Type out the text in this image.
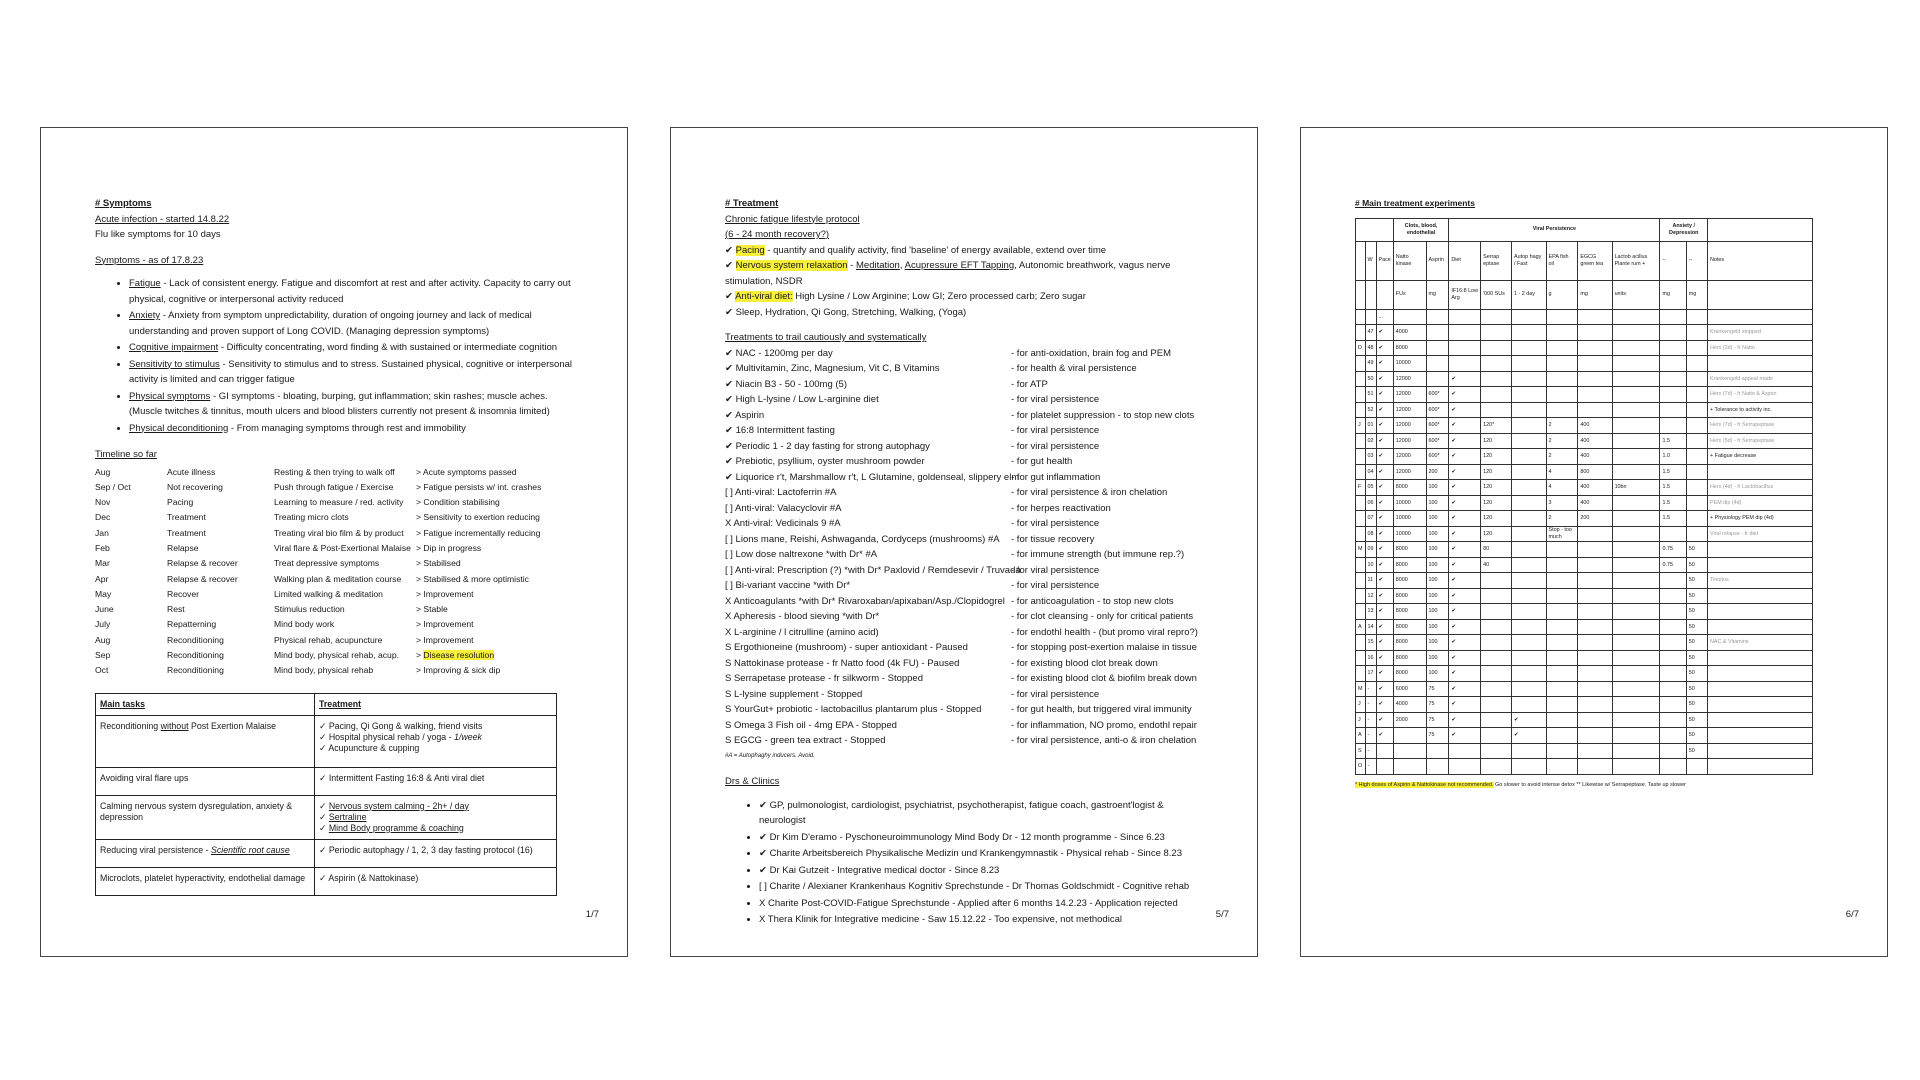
# Symptoms
Acute infection - started 14.8.22
Flu like symptoms for 10 days
Symptoms - as of 17.8.23
• Fatigue - Lack of consistent energy. Fatigue and discomfort at rest and after activity. Capacity to carry out physical, cognitive or interpersonal activity reduced
• Anxiety - Anxiety from symptom unpredictability, duration of ongoing journey and lack of medical understanding and proven support of Long COVID. (Managing depression symptoms)
• Cognitive impairment - Difficulty concentrating, word finding & with sustained or intermediate cognition
• Sensitivity to stimulus - Sensitivity to stimulus and to stress. Sustained physical, cognitive or interpersonal activity is limited and can trigger fatigue
• Physical symptoms - GI symptoms - bloating, burping, gut inflammation; skin rashes; muscle aches. (Muscle twitches & tinnitus, mouth ulcers and blood blisters currently not present & insomnia limited)
• Physical deconditioning - From managing symptoms through rest and immobility
Timeline so far
Aug	Acute illness	Resting & then trying to walk off	> Acute symptoms passed
Sep / Oct	Not recovering	Push through fatigue / Exercise	> Fatigue persists w/ int. crashes
Nov	Pacing	Learning to measure / red. activity	> Condition stabilising
Dec	Treatment	Treating micro clots	> Sensitivity to exertion reducing
Jan	Treatment	Treating viral bio film & by product	> Fatigue incrementally reducing
Feb	Relapse	Viral flare & Post-Exertional Malaise	> Dip in progress
Mar	Relapse & recover	Treat depressive symptoms	> Stabilised
Apr	Relapse & recover	Walking plan & meditation course	> Stabilised & more optimistic
May	Recover	Limited walking & meditation	> Improvement
June	Rest	Stimulus reduction	> Stable
July	Repatterning	Mind body work	> Improvement
Aug	Reconditioning	Physical rehab, acupuncture	> Improvement
Sep	Reconditioning	Mind body, physical rehab, acup.	> Disease resolution
Oct	Reconditioning	Mind body, physical rehab	> Improving & sick dip
Main tasks	Treatment
Reconditioning without Post Exertion Malaise	✓ Pacing, Qi Gong & walking, friend visits
✓ Hospital physical rehab / yoga - 1/week
✓ Acupuncture & cupping

Avoiding viral flare ups	✓ Intermittent Fasting 16:8 & Anti viral diet
Calming nervous system dysregulation, anxiety & depression	✓ Nervous system calming - 2h+ / day
✓ Sertraline
✓ Mind Body programme & coaching

Reducing viral persistence - Scientific root cause	✓ Periodic autophagy / 1, 2, 3 day fasting protocol (16)
Microclots, platelet hyperactivity, endothelial damage	✓ Aspirin (& Nattokinase)
1/7
# Treatment
Chronic fatigue lifestyle protocol
(6 - 24 month recovery?)
✔ Pacing - quantify and qualify activity, find 'baseline' of energy available, extend over time
✔ Nervous system relaxation - Meditation, Acupressure EFT Tapping, Autonomic breathwork, vagus nerve stimulation, NSDR
✔ Anti-viral diet: High Lysine / Low Arginine; Low GI; Zero processed carb; Zero sugar
✔ Sleep, Hydration, Qi Gong, Stretching, Walking, (Yoga)
Treatments to trail cautiously and systematically
✔ NAC - 1200mg per day	- for anti-oxidation, brain fog and PEM
✔ Multivitamin, Zinc, Magnesium, Vit C, B Vitamins	- for health & viral persistence
✔ Niacin B3 - 50 - 100mg (5)	- for ATP
✔ High L-lysine / Low L-arginine diet	- for viral persistence
✔ Aspirin	- for platelet suppression - to stop new clots
✔ 16:8 Intermittent fasting	- for viral persistence
✔ Periodic 1 - 2 day fasting for strong autophagy	- for viral persistence
✔ Prebiotic, psyllium, oyster mushroom powder	- for gut health
✔ Liquorice r't, Marshmallow r't, L Glutamine, goldenseal, slippery elm
- for gut inflammation
[ ] Anti-viral: Lactoferrin #A	- for viral persistence & iron chelation
[ ] Anti-viral: Valacyclovir #A	- for herpes reactivation
X Anti-viral: Vedicinals 9 #A	- for viral persistence
[ ] Lions mane, Reishi, Ashwaganda, Cordyceps (mushrooms) #A	- for tissue recovery
[ ] Low dose naltrexone *with Dr* #A	- for immune strength (but immune rep.?)
[ ] Anti-viral: Prescription (?) *with Dr* Paxlovid / Remdesevir / Truvada
- for viral persistence
[ ] Bi-variant vaccine *with Dr*	- for viral persistence
X Anticoagulants *with Dr* Rivaroxaban/apixaban/Asp./Clopidogrel - for anticoagulation - to stop new clots
X Apheresis - blood sieving *with Dr*	- for clot cleansing - only for critical patients
X L-arginine / l citrulline (amino acid)	- for endothl health - (but promo viral repro?)
S Ergothioneine (mushroom) - super antioxidant - Paused	- for stopping post-exertion malaise in tissue
S Nattokinase protease - fr Natto food (4k FU) - Paused	- for existing blood clot break down
S Serrapetase protease - fr silkworm - Stopped	- for existing blood clot & biofilm break down
S L-lysine supplement - Stopped	- for viral persistence
S YourGut+ probiotic - lactobacillus plantarum plus - Stopped	- for gut health, but triggered viral immunity
S Omega 3 Fish oil - 4mg EPA - Stopped	- for inflammation, NO promo, endothl repair
S EGCG - green tea extract - Stopped	- for viral persistence, anti-o & iron chelation
#A = Autophaghy inducers. Avoid.
Drs & Clinics
• ✔ GP, pulmonologist, cardiologist, psychiatrist, psychotherapist, fatigue coach, gastroent'logist & neurologist
• ✔ Dr Kim D'eramo - Pyschoneuroimmunology Mind Body Dr - 12 month programme - Since 6.23
• ✔ Charite Arbeitsbereich Physikalische Medizin und Krankengymnastik - Physical rehab - Since 8.23
• ✔ Dr Kai Gutzeit - Integrative medical doctor - Since 8.23
• [ ] Charite / Alexianer Krankenhaus Kognitiv Sprechstunde - Dr Thomas Goldschmidt - Cognitive rehab
• X Charite Post-COVID-Fatigue Sprechstunde - Applied after 6 months 14.2.23 - Application rejected
• X Thera Klinik for Integrative medicine - Saw 15.12.22 - Too expensive, not methodical	5/7
# Main treatment experiments
			Clots, blood, endothelial		Viral Persistence						Anxiety / Depression		
	W	Pace	Natto kinase	Asprin	Diet	Serrap eptase	Autop hagy / Fast	EPA fish oil	EGCG green tea	Lactob acillus Plante rum +	--	--	Notes
			FUs	mg	IF16:8 Low Arg	'000 SUs	1 - 2 day	g	mg	units	mg	mg	
		...											
	47	✔	4000										Krankengeld stopped
D	48	✔	8000										Herx (2d) - fr Natto
	49	✔	10000										
	50	✔	12000		✔								Krankengeld appeal made
	51	✔	12000	600*	✔								Herx (7d) - fr Natto & Asprin
	52	✔	12000	600*	✔								+ Tolerance to activity inc.
J	01	✔	12000	600*	✔	120*		2	400				Herx (7d) - fr Serrapeptase
	02	✔	12000	600*	✔	120		2	400		1.5		Herx (5d) - fr Serrapeptase
	03	✔	12000	600*	✔	120		2	400		1.0		+ Fatigue decrease
	04	✔	12000	200	✔	120		4	800		1.5		
F	05	✔	8000	100	✔	120		4	400	10bn	1.5		Herx (4d) - fr Lactobacillus
	06	✔	10000	100	✔	120		3	400		1.5		PEM dip (4d)
	07	✔	10000	100	✔	120		2	200		1.5		+ Physiology PEM dip (4d)
	08	✔	10000	100	✔	120		Stop - too much					Viral relapse - fr diet
M	09	✔	8000	100	✔	80					0.75	50	
	10	✔	8000	100	✔	40					0.75	50	
	11	✔	8000	100	✔							50	Tinnitus
	12	✔	8000	100	✔							50	
	13	✔	8000	100	✔							50	
A	14	✔	8000	100	✔							50	
	15	✔	8000	100	✔							50	NAC & Vitamins
	16	✔	8000	100	✔							50	
	17	✔	8000	100	✔							50	
M	-	✔	6000	75	✔							50	
J	-	✔	4000	75	✔							50	
J	-	✔	2000	75	✔		✔					50	
A	-	✔		75	✔		✔					50	
S	-											50	
O	-												
* High doses of Aspirin & Nattokinase not recommended. Go slower to avoid intense detox ** Likewise w/ Serrapeptase. Taste up slower
6/7
